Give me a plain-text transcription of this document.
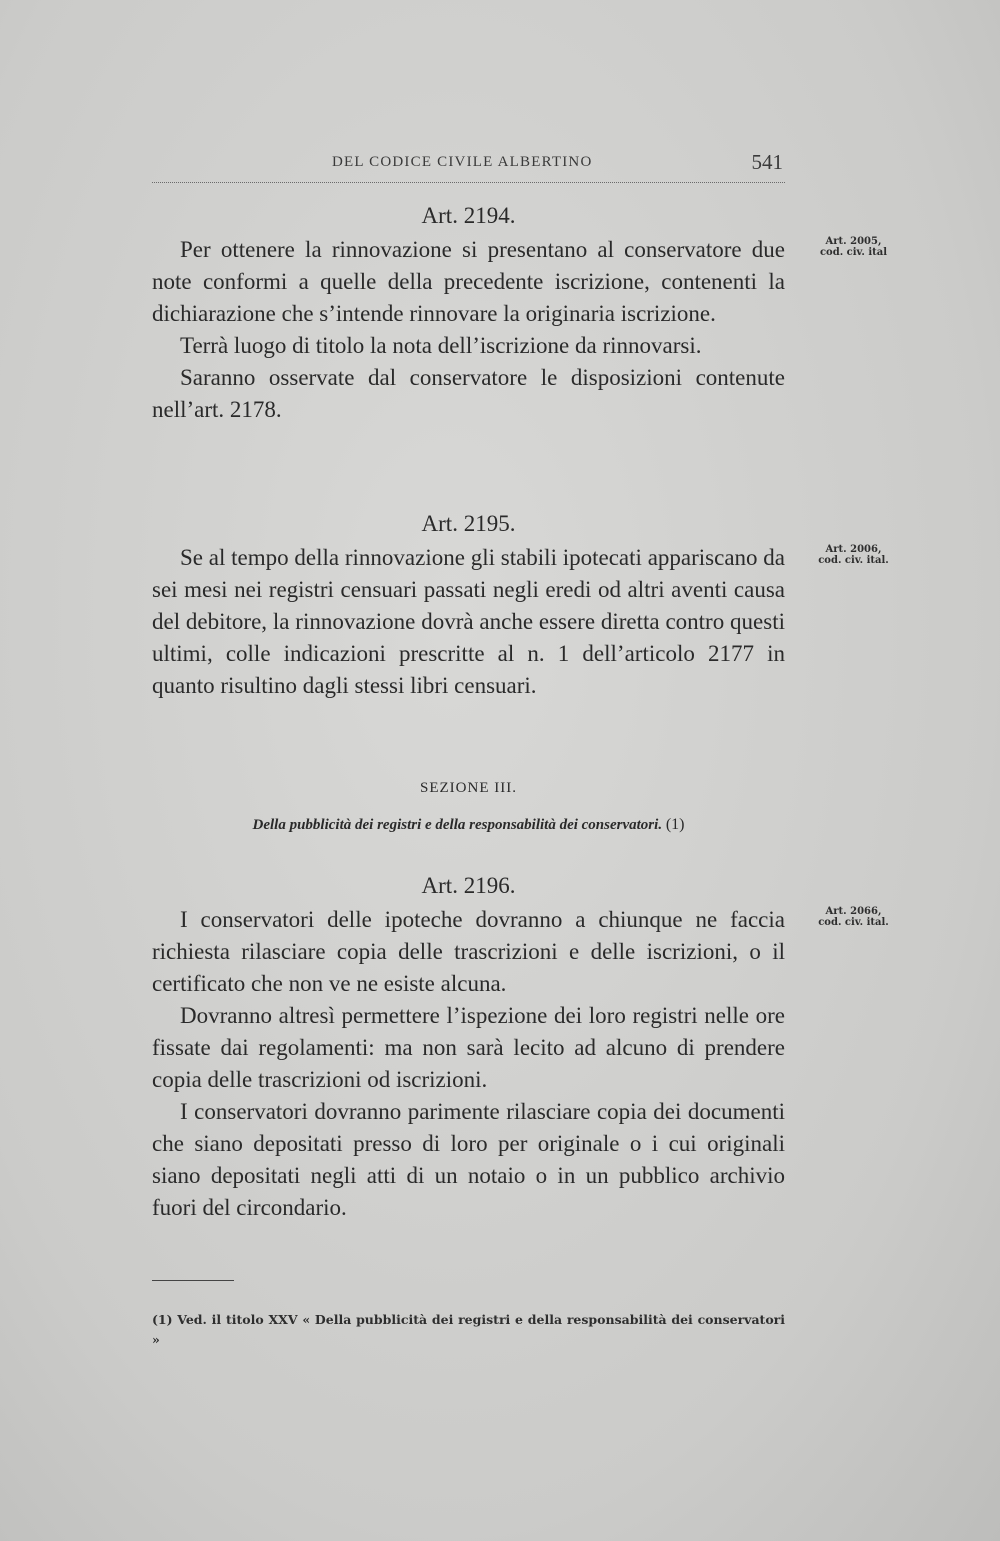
DEL CODICE CIVILE ALBERTINO	541
Art. 2194.

Per ottenere la rinnovazione si presentano al conservatore due note conformi a quelle della precedente iscrizione, contenenti la dichiarazione che s’intende rinnovare la originaria iscrizione.

Terrà luogo di titolo la nota dell’iscrizione da rinnovarsi.

Saranno osservate dal conservatore le disposizioni contenute nell’art. 2178.

Art. 2005,
cod. civ. ital
Art. 2195.

Se al tempo della rinnovazione gli stabili ipotecati appariscano da sei mesi nei registri censuari passati negli eredi od altri aventi causa del debitore, la rinnovazione dovrà anche essere diretta contro questi ultimi, colle indicazioni prescritte al n. 1 dell’articolo 2177 in quanto risultino dagli stessi libri censuari.

Art. 2006,
cod. civ. ital.
SEZIONE III.
Della pubblicità dei registri e della responsabilità dei conservatori. (1)
Art. 2196.

I conservatori delle ipoteche dovranno a chiunque ne faccia richiesta rilasciare copia delle trascrizioni e delle iscrizioni, o il certificato che non ve ne esiste alcuna.

Dovranno altresì permettere l’ispezione dei loro registri nelle ore fissate dai regolamenti: ma non sarà lecito ad alcuno di prendere copia delle trascrizioni od iscrizioni.

I conservatori dovranno parimente rilasciare copia dei documenti che siano depositati presso di loro per originale o i cui originali siano depositati negli atti di un notaio o in un pubblico archivio fuori del circondario.

Art. 2066,
cod. civ. ital.
(1) Ved. il titolo XXV « Della pubblicità dei registri e della responsabilità dei conservatori »
